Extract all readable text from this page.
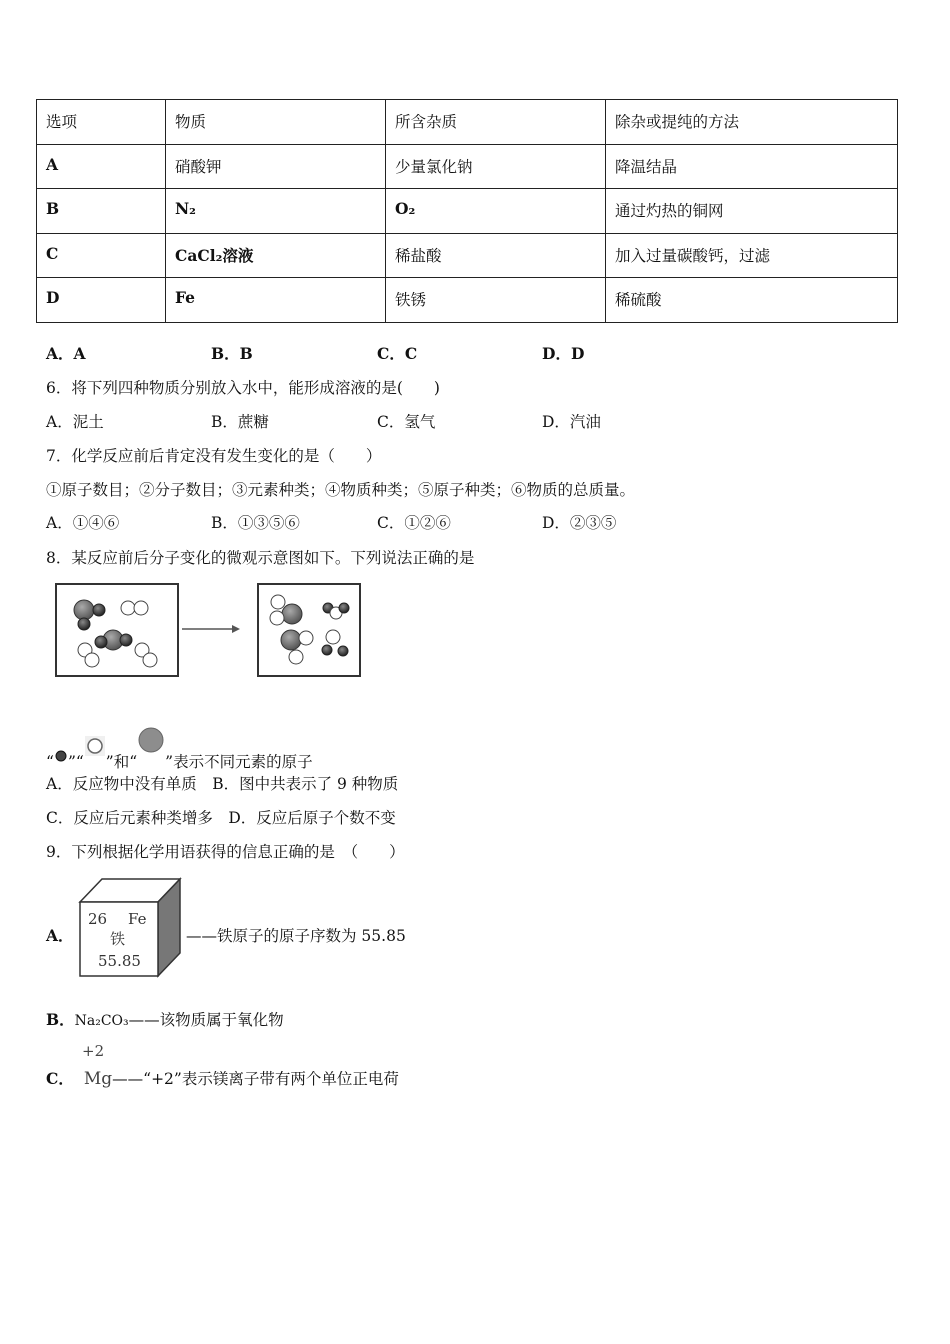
选项	物质	所含杂质	除杂或提纯的方法
A	硝酸钾	少量氯化钠	降温结晶
B	N₂	O₂	通过灼热的铜网
C	CaCl₂溶液	稀盐酸	加入过量碳酸钙，过滤
D	Fe	铁锈	稀硫酸
A．A	B．B	C．C	D．D
6．将下列四种物质分别放入水中，能形成溶液的是(　　)
A．泥土	B．蔗糖	C．氢气	D．汽油
7．化学反应前后肯定没有发生变化的是（　　）
①原子数目；②分子数目；③元素种类；④物质种类；⑤原子种类；⑥物质的总质量。
A．①④⑥	B．①③⑤⑥	C．①②⑥	D．②③⑤
8．某反应前后分子变化的微观示意图如下。下列说法正确的是
“ ”“ ”和“ ”表示不同元素的原子
A．反应物中没有单质　B．图中共表示了 9 种物质
C．反应后元素种类增多　D．反应后原子个数不变
9．下列根据化学用语获得的信息正确的是　（　　）
A．
26 Fe
铁
55.85
——铁原子的原子序数为 55.85
B．Na₂CO₃——该物质属于氧化物
+2
C． Mg——“+2”表示镁离子带有两个单位正电荷
